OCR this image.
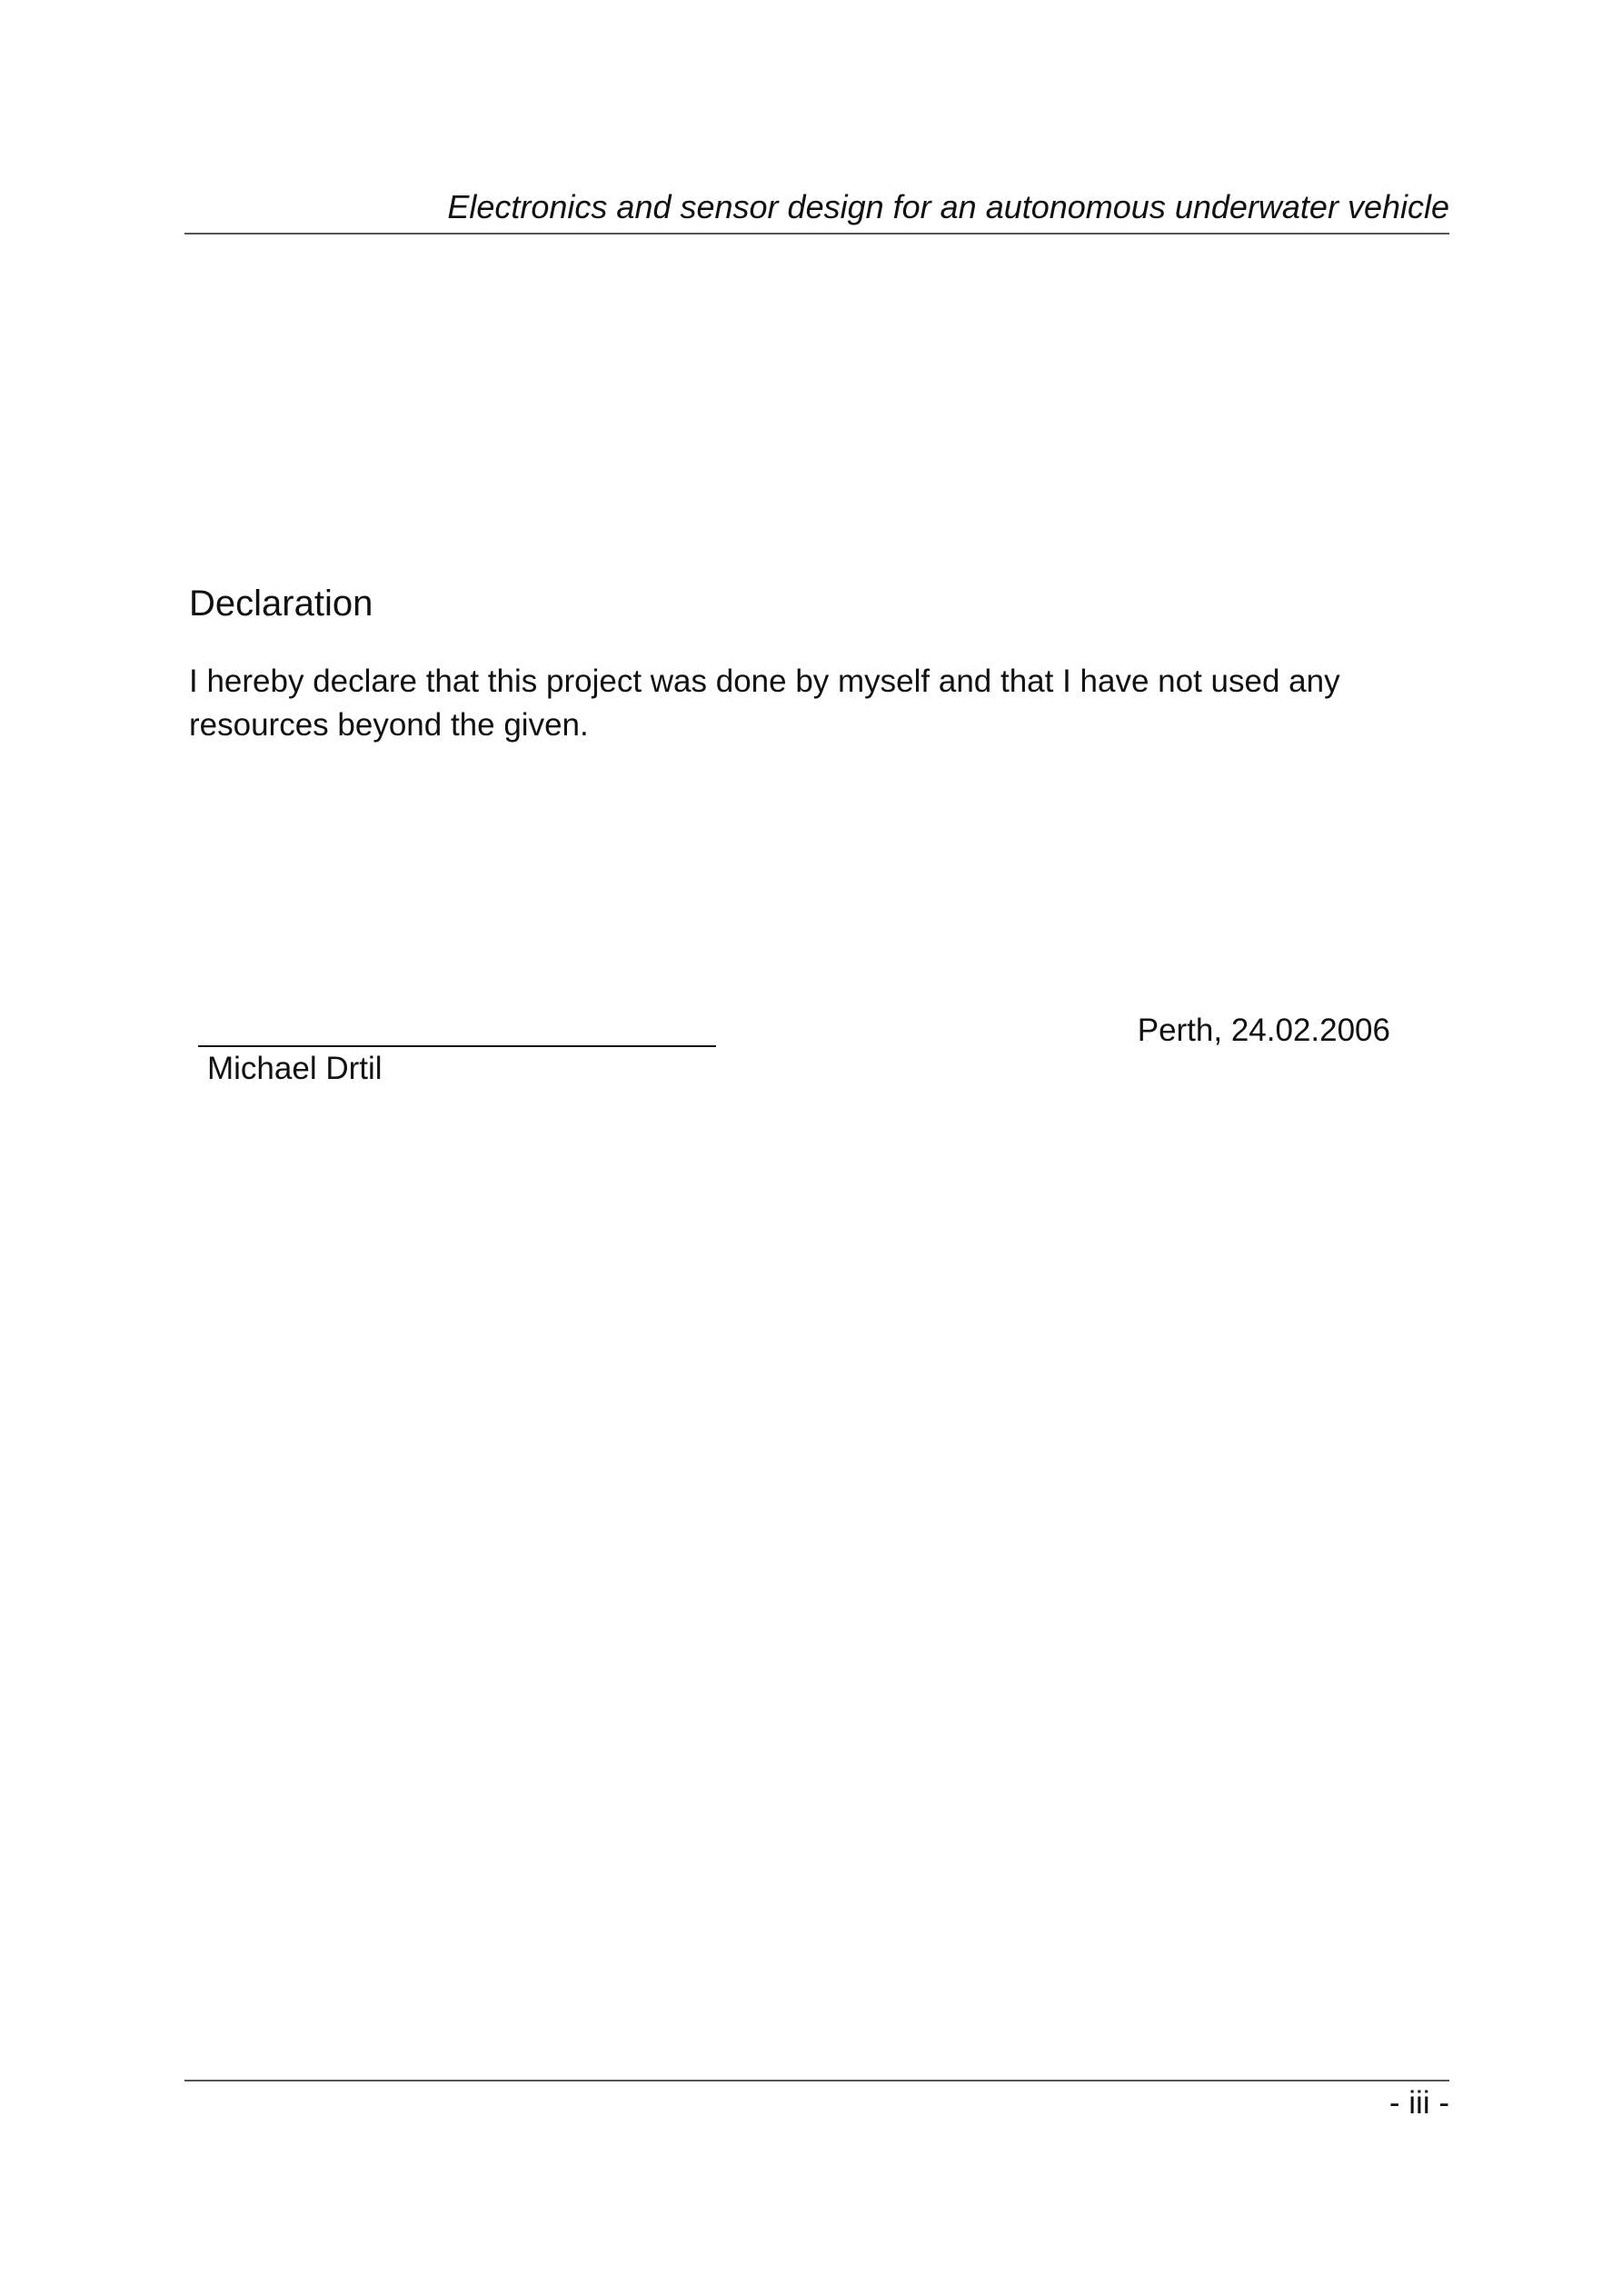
Electronics and sensor design for an autonomous underwater vehicle
Declaration
I hereby declare that this project was done by myself and that I have not used any resources beyond the given.
Michael Drtil
Perth, 24.02.2006
- iii -
